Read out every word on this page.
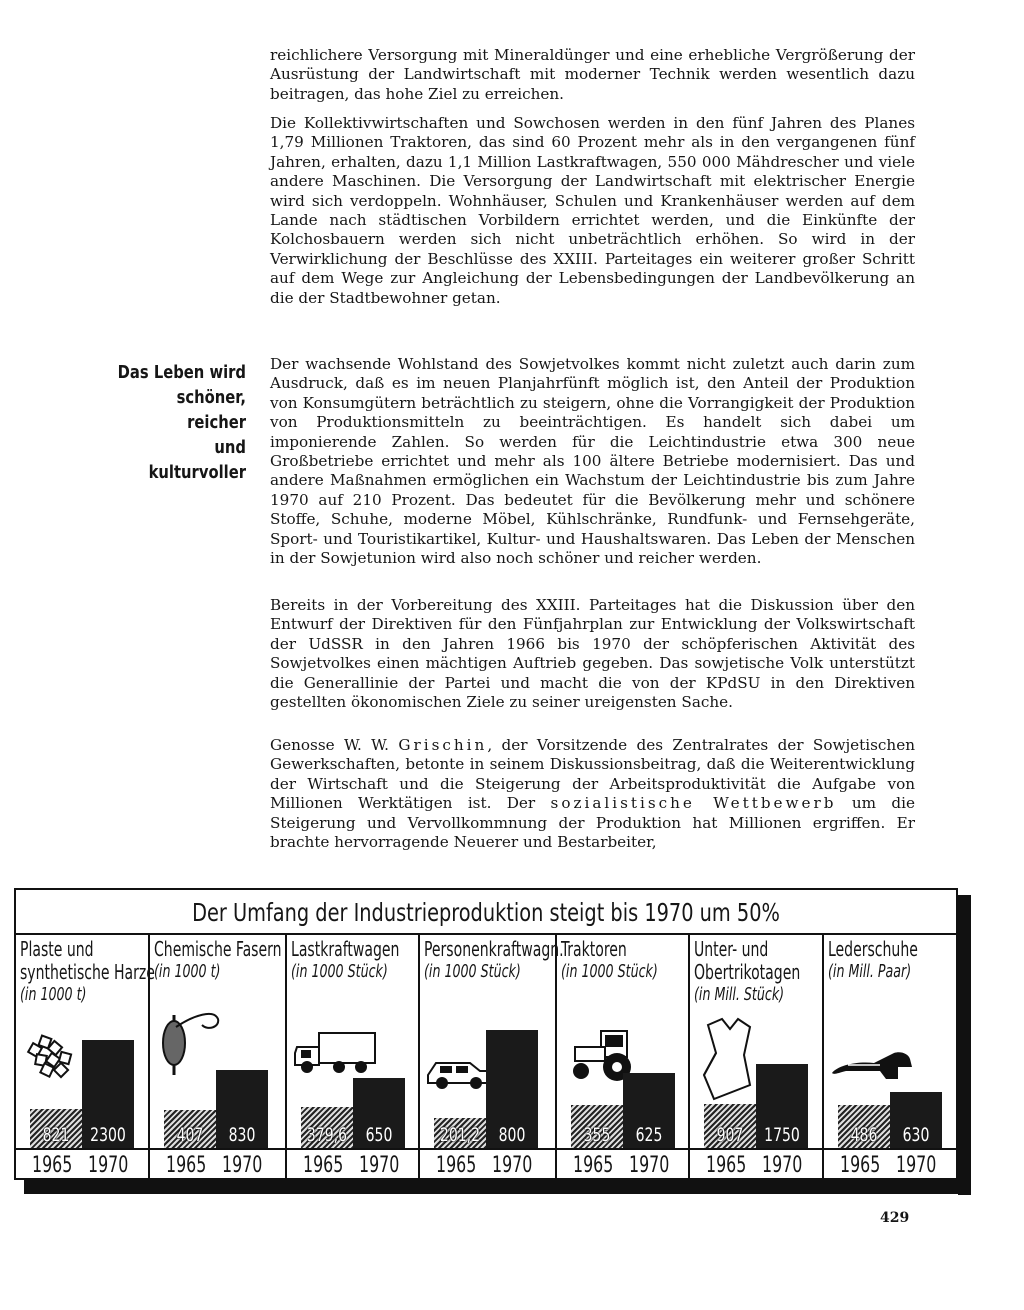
reichlichere Versorgung mit Mineraldünger und eine erhebliche Vergrößerung der Ausrüstung der Landwirtschaft mit moderner Technik werden wesentlich dazu beitragen, das hohe Ziel zu erreichen.

Die Kollektivwirtschaften und Sowchosen werden in den fünf Jahren des Planes 1,79 Millionen Traktoren, das sind 60 Prozent mehr als in den vergangenen fünf Jahren, erhalten, dazu 1,1 Million Lastkraftwagen, 550 000 Mähdrescher und viele andere Maschinen. Die Versorgung der Landwirtschaft mit elektrischer Energie wird sich verdoppeln. Wohnhäuser, Schulen und Krankenhäuser werden auf dem Lande nach städtischen Vorbildern errichtet werden, und die Einkünfte der Kolchosbauern werden sich nicht unbeträchtlich erhöhen. So wird in der Verwirklichung der Beschlüsse des XXIII. Parteitages ein weiterer großer Schritt auf dem Wege zur Angleichung der Lebensbedingungen der Landbevölkerung an die der Stadtbewohner getan.

Das Leben wird
schöner, reicher
und kulturvoller

Der wachsende Wohlstand des Sowjetvolkes kommt nicht zuletzt auch darin zum Ausdruck, daß es im neuen Planjahrfünft möglich ist, den Anteil der Produktion von Konsumgütern beträchtlich zu steigern, ohne die Vorrangigkeit der Produktion von Produktionsmitteln zu beeinträchtigen. Es handelt sich dabei um imponierende Zahlen. So werden für die Leichtindustrie etwa 300 neue Großbetriebe errichtet und mehr als 100 ältere Betriebe modernisiert. Das und andere Maßnahmen ermöglichen ein Wachstum der Leichtindustrie bis zum Jahre 1970 auf 210 Prozent. Das bedeutet für die Bevölkerung mehr und schönere Stoffe, Schuhe, moderne Möbel, Kühlschränke, Rundfunk- und Fernsehgeräte, Sport- und Touristikartikel, Kultur- und Haushaltswaren. Das Leben der Menschen in der Sowjetunion wird also noch schöner und reicher werden.

Bereits in der Vorbereitung des XXIII. Parteitages hat die Diskussion über den Entwurf der Direktiven für den Fünfjahrplan zur Entwicklung der Volkswirtschaft der UdSSR in den Jahren 1966 bis 1970 der schöpferischen Aktivität des Sowjetvolkes einen mächtigen Auftrieb gegeben. Das sowjetische Volk unterstützt die Generallinie der Partei und macht die von der KPdSU in den Direktiven gestellten ökonomischen Ziele zu seiner ureigensten Sache.

Genosse W. W. Grischin, der Vorsitzende des Zentralrates der Sowjetischen Gewerkschaften, betonte in seinem Diskussionsbeitrag, daß die Weiterentwicklung der Wirtschaft und die Steigerung der Arbeitsproduktivität die Aufgabe von Millionen Werktätigen ist. Der sozialistische Wettbewerb um die Steigerung und Vervollkommnung der Produktion hat Millionen ergriffen. Er brachte hervorragende Neuerer und Bestarbeiter,

Der Umfang der Industrieproduktion steigt bis 1970 um 50%
Plaste und
synthetische Harze
(in 1000 t)
821	2300
1965 1970
Chemische Fasern
(in 1000 t)
407	830
1965 1970
Lastkraftwagen
(in 1000 Stück)
379,6 650
1965 1970
Personenkraftwagn.
(in 1000 Stück)
201,2 800
1965 1970
Traktoren
(in 1000 Stück)
355	625
1965 1970
Unter- und
Obertrikotagen
(in Mill. Stück)
907	1750
1965 1970
Lederschuhe
(in Mill. Paar)
486	630
1965 1970
429
